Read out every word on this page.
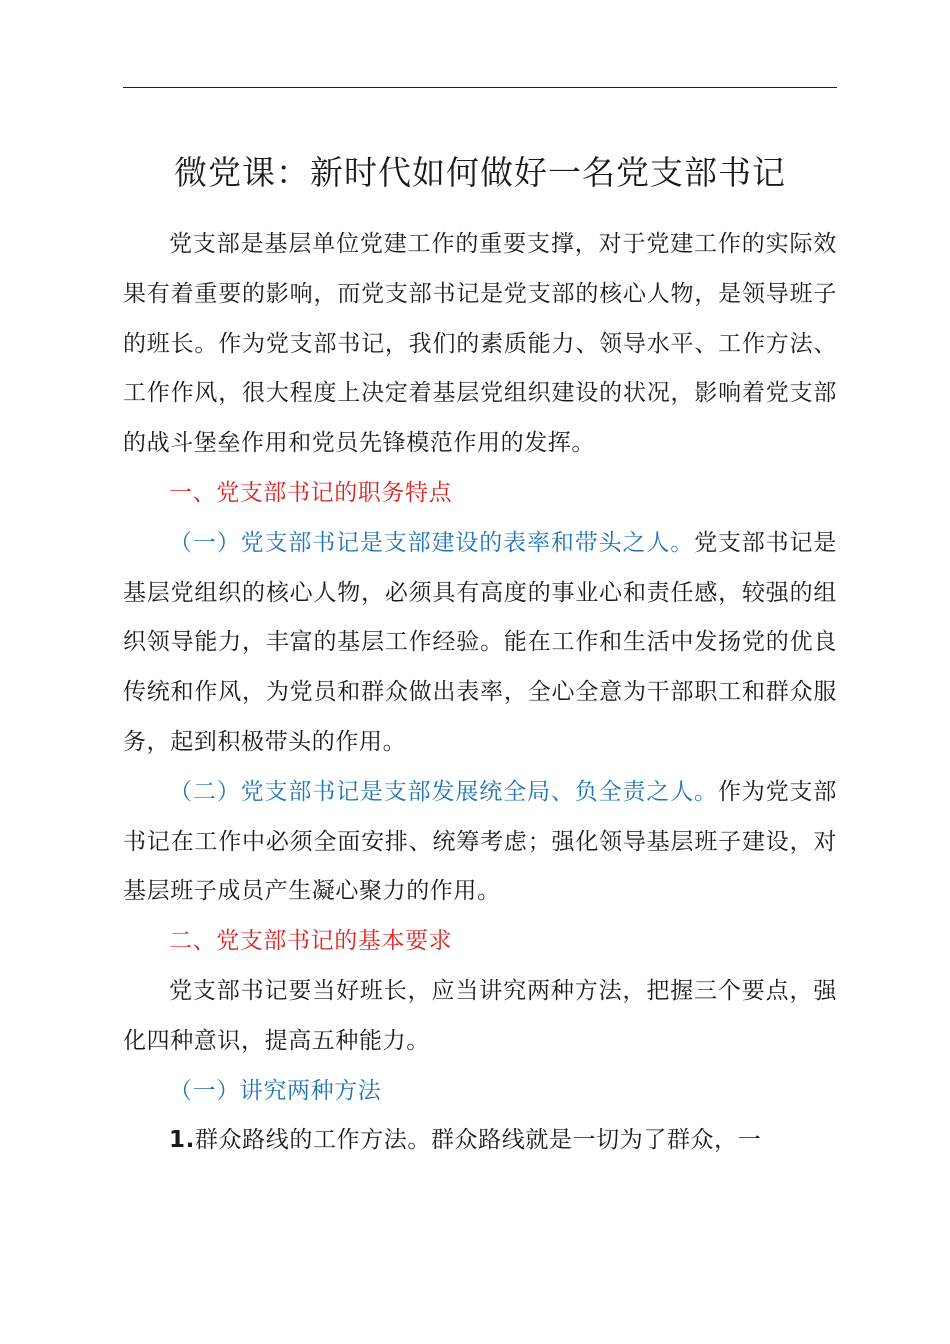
微党课：新时代如何做好一名党支部书记

党支部是基层单位党建工作的重要支撑，对于党建工作的实际效果有着重要的影响，而党支部书记是党支部的核心人物，是领导班子的班长。作为党支部书记，我们的素质能力、领导水平、工作方法、工作作风，很大程度上决定着基层党组织建设的状况，影响着党支部的战斗堡垒作用和党员先锋模范作用的发挥。

一、党支部书记的职务特点

（一）党支部书记是支部建设的表率和带头之人。党支部书记是基层党组织的核心人物，必须具有高度的事业心和责任感，较强的组织领导能力，丰富的基层工作经验。能在工作和生活中发扬党的优良传统和作风，为党员和群众做出表率，全心全意为干部职工和群众服务，起到积极带头的作用。

（二）党支部书记是支部发展统全局、负全责之人。作为党支部书记在工作中必须全面安排、统筹考虑；强化领导基层班子建设，对基层班子成员产生凝心聚力的作用。

二、党支部书记的基本要求

党支部书记要当好班长，应当讲究两种方法，把握三个要点，强化四种意识，提高五种能力。

（一）讲究两种方法

1.群众路线的工作方法。群众路线就是一切为了群众，一
